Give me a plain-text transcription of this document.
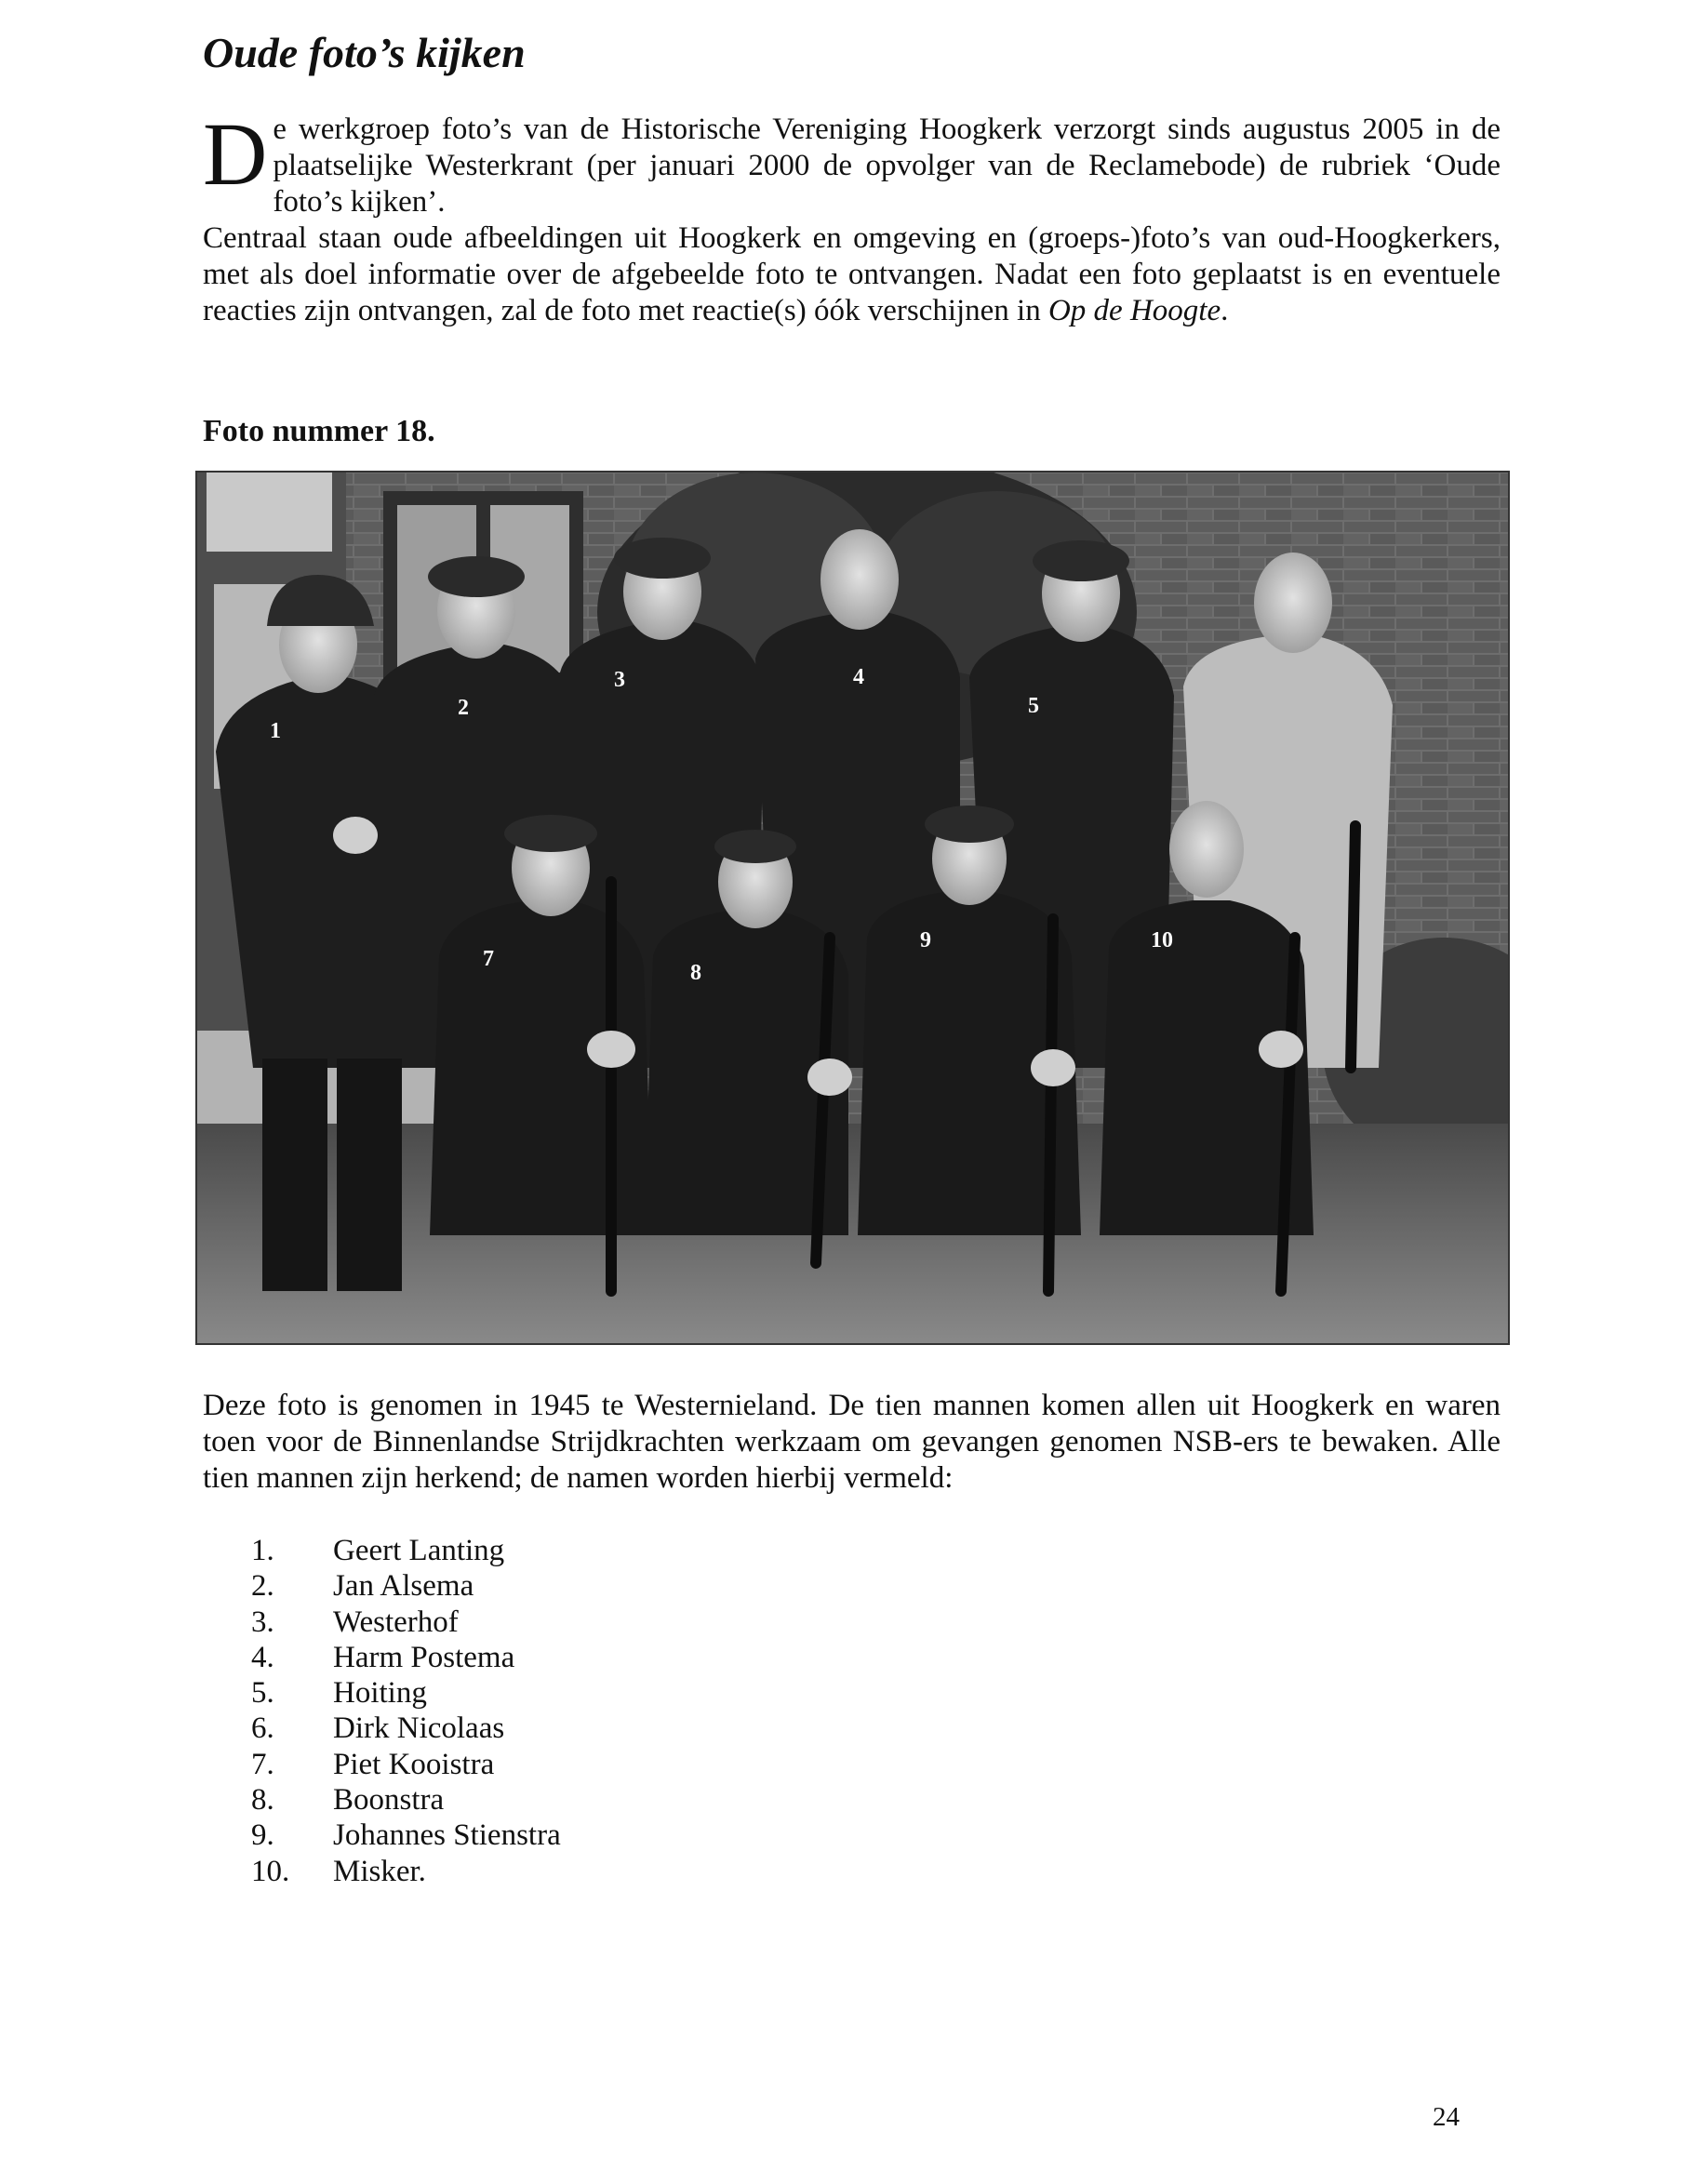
Oude foto’s kijken
D e werkgroep foto’s van de Historische Vereniging Hoogkerk verzorgt sinds augustus 2005 in de plaatselijke Westerkrant (per januari 2000 de opvolger van de Reclamebode) de rubriek ‘Oude foto’s kijken’.

Centraal staan oude afbeeldingen uit Hoogkerk en omgeving en (groeps-)foto’s van oud-Hoogkerkers, met als doel informatie over de afgebeelde foto te ontvangen. Nadat een foto geplaatst is en eventuele reacties zijn ontvangen, zal de foto met reactie(s) óók verschijnen in Op de Hoogte.

Foto nummer 18.
1
2
3	4
5
7
8
9	10

Deze foto is genomen in 1945 te Westernieland. De tien mannen komen allen uit Hoogkerk en waren toen voor de Binnenlandse Strijdkrachten werkzaam om gevangen genomen NSB-ers te bewaken. Alle tien mannen zijn herkend; de namen worden hierbij vermeld:

1.	Geert Lanting
2.	Jan Alsema
3.	Westerhof
4.	Harm Postema
5.	Hoiting
6.	Dirk Nicolaas
7.	Piet Kooistra
8.	Boonstra
9.	Johannes Stienstra
10.	Misker.
24
